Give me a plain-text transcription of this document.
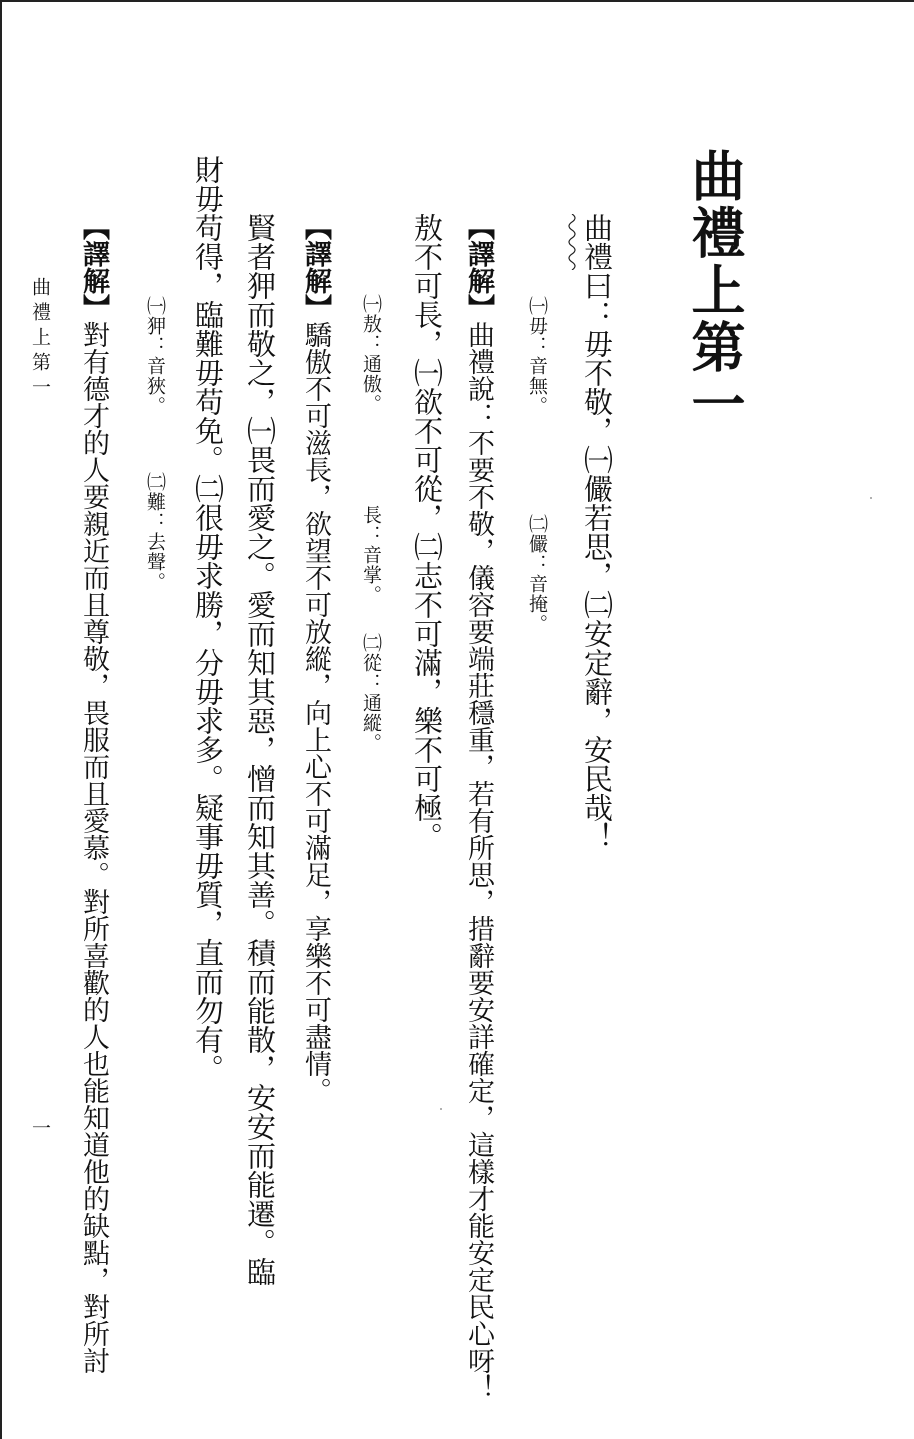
曲禮上第一
曲禮曰：毋不敬，㈠儼若思，㈡安定辭，安民哉！
㈠毋：音無。
㈡儼：音掩。
【 譯解 】曲禮說：不要不敬，儀容要端莊穩重，若有所思，措辭要安詳確定，這樣才能安定民心呀！
敖不可長，㈠欲不可從，㈡志不可滿，樂不可極。
㈠敖：通傲。
長：音掌。
㈡從：通縱。
【 譯解 】驕傲不可滋長，欲望不可放縱，向上心不可滿足，享樂不可盡情。
賢者狎而敬之，㈠畏而愛之。愛而知其惡，憎而知其善。積而能散，安安而能遷。臨
財毋苟得，臨難毋苟免。㈡很毋求勝，分毋求多。疑事毋質，直而勿有。
㈠狎：音狹。
㈡難：去聲。
【 譯解 】對有德才的人要親近而且尊敬，畏服而且愛慕。對所喜歡的人也能知道他的缺點，對所討
曲禮上第一
一
